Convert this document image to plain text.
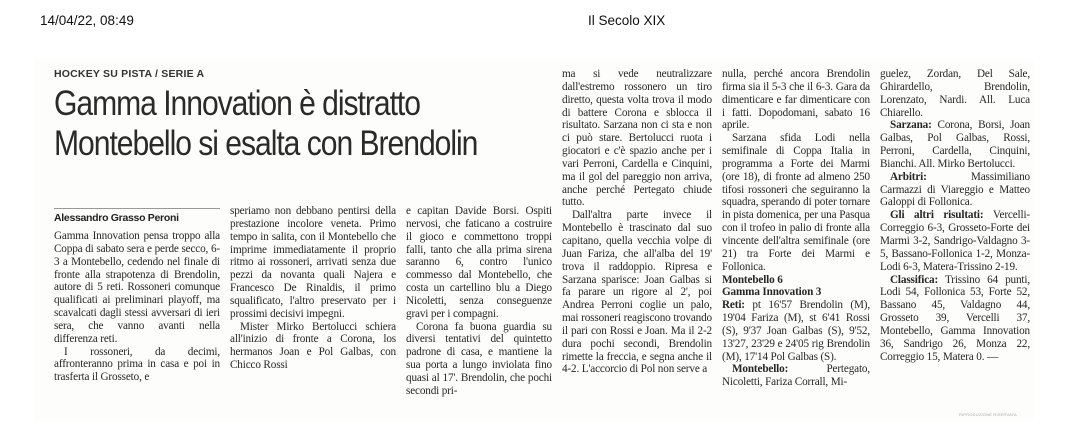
14/04/22, 08:49	Il Secolo XIX
HOCKEY SU PISTA / SERIE A
Gamma Innovation è distratto
Montebello si esalta con Brendolin
Alessandro Grasso Peroni

Gamma Innovation pensa troppo alla Coppa di sabato sera e perde secco, 6-3 a Montebello, cedendo nel finale di fronte alla strapotenza di Brendolin, autore di 5 reti. Rossoneri comunque qualificati ai preliminari playoff, ma scavalcati dagli stessi avversari di ieri sera, che vanno avanti nella differenza reti.

I rossoneri, da decimi, affronteranno prima in casa e poi in trasferta il Grosseto, e

speriamo non debbano pentirsi della prestazione incolore veneta. Primo tempo in salita, con il Montebello che imprime immediatamente il proprio ritmo ai rossoneri, arrivati senza due pezzi da novanta quali Najera e Francesco De Rinaldis, il primo squalificato, l'altro preservato per i prossimi decisivi impegni.

Mister Mirko Bertolucci schiera all'inizio di fronte a Corona, los hermanos Joan e Pol Galbas, con Chicco Rossi

e capitan Davide Borsi. Ospiti nervosi, che faticano a costruire il gioco e commettono troppi falli, tanto che alla prima sirena saranno 6, contro l'unico commesso dal Montebello, che costa un cartellino blu a Diego Nicoletti, senza conseguenze gravi per i compagni.

Corona fa buona guardia su diversi tentativi del quintetto padrone di casa, e mantiene la sua porta a lungo inviolata fino quasi al 17'. Brendolin, che pochi secondi pri-

ma si vede neutralizzare dall'estremo rossonero un tiro diretto, questa volta trova il modo di battere Corona e sblocca il risultato. Sarzana non ci sta e non ci può stare. Bertolucci ruota i giocatori e c'è spazio anche per i vari Perroni, Cardella e Cinquini, ma il gol del pareggio non arriva, anche perché Pertegato chiude tutto.

Dall'altra parte invece il Montebello è trascinato dal suo capitano, quella vecchia volpe di Juan Fariza, che all'alba del 19' trova il raddoppio. Ripresa e Sarzana sparisce: Joan Galbas si fa parare un rigore al 2', poi Andrea Perroni coglie un palo, mai rossoneri reagiscono trovando il pari con Rossi e Joan. Ma il 2-2 dura pochi secondi, Brendolin rimette la freccia, e segna anche il 4-2. L'accorcio di Pol non serve a

nulla, perché ancora Brendolin firma sia il 5-3 che il 6-3. Gara da dimenticare e far dimenticare con i fatti. Dopodomani, sabato 16 aprile.

Sarzana sfida Lodi nella semifinale di Coppa Italia in programma a Forte dei Marmi (ore 18), di fronte ad almeno 250 tifosi rossoneri che seguiranno la squadra, sperando di poter tornare in pista domenica, per una Pasqua con il trofeo in palio di fronte alla vincente dell'altra semifinale (ore 21) tra Forte dei Marmi e Follonica.

Montebello 6

Gamma Innovation 3

Reti: pt 16'57 Brendolin (M), 19'04 Fariza (M), st 6'41 Rossi (S), 9'37 Joan Galbas (S), 9'52, 13'27, 23'29 e 24'05 rig Brendolin (M), 17'14 Pol Galbas (S).

Montebello:	Pertegato, Nicoletti, Fariza Corrall, Mi-

guelez, Zordan, Del Sale, Ghirardello, Brendolin, Lorenzato, Nardi. All. Luca Chiarello.

Sarzana: Corona, Borsi, Joan Galbas, Pol Galbas, Rossi, Perroni, Cardella, Cinquini, Bianchi. All. Mirko Bertolucci.

Arbitri:	Massimiliano Carmazzi di Viareggio e Matteo Galoppi di Follonica.

Gli altri risultati: Vercelli-Correggio 6-3, Grosseto-Forte dei Marmi 3-2, Sandrigo-Valdagno 3-5, Bassano-Follonica 1-2, Monza-Lodi 6-3, Matera-Trissino 2-19.

Classifica: Trissino 64 punti, Lodi 54, Follonica 53, Forte 52, Bassano 45, Valdagno 44, Grosseto 39, Vercelli 37, Montebello, Gamma Innovation 36, Sandrigo 26, Monza 22, Correggio 15, Matera 0. —

RIPRODUZIONE RISERVATA
